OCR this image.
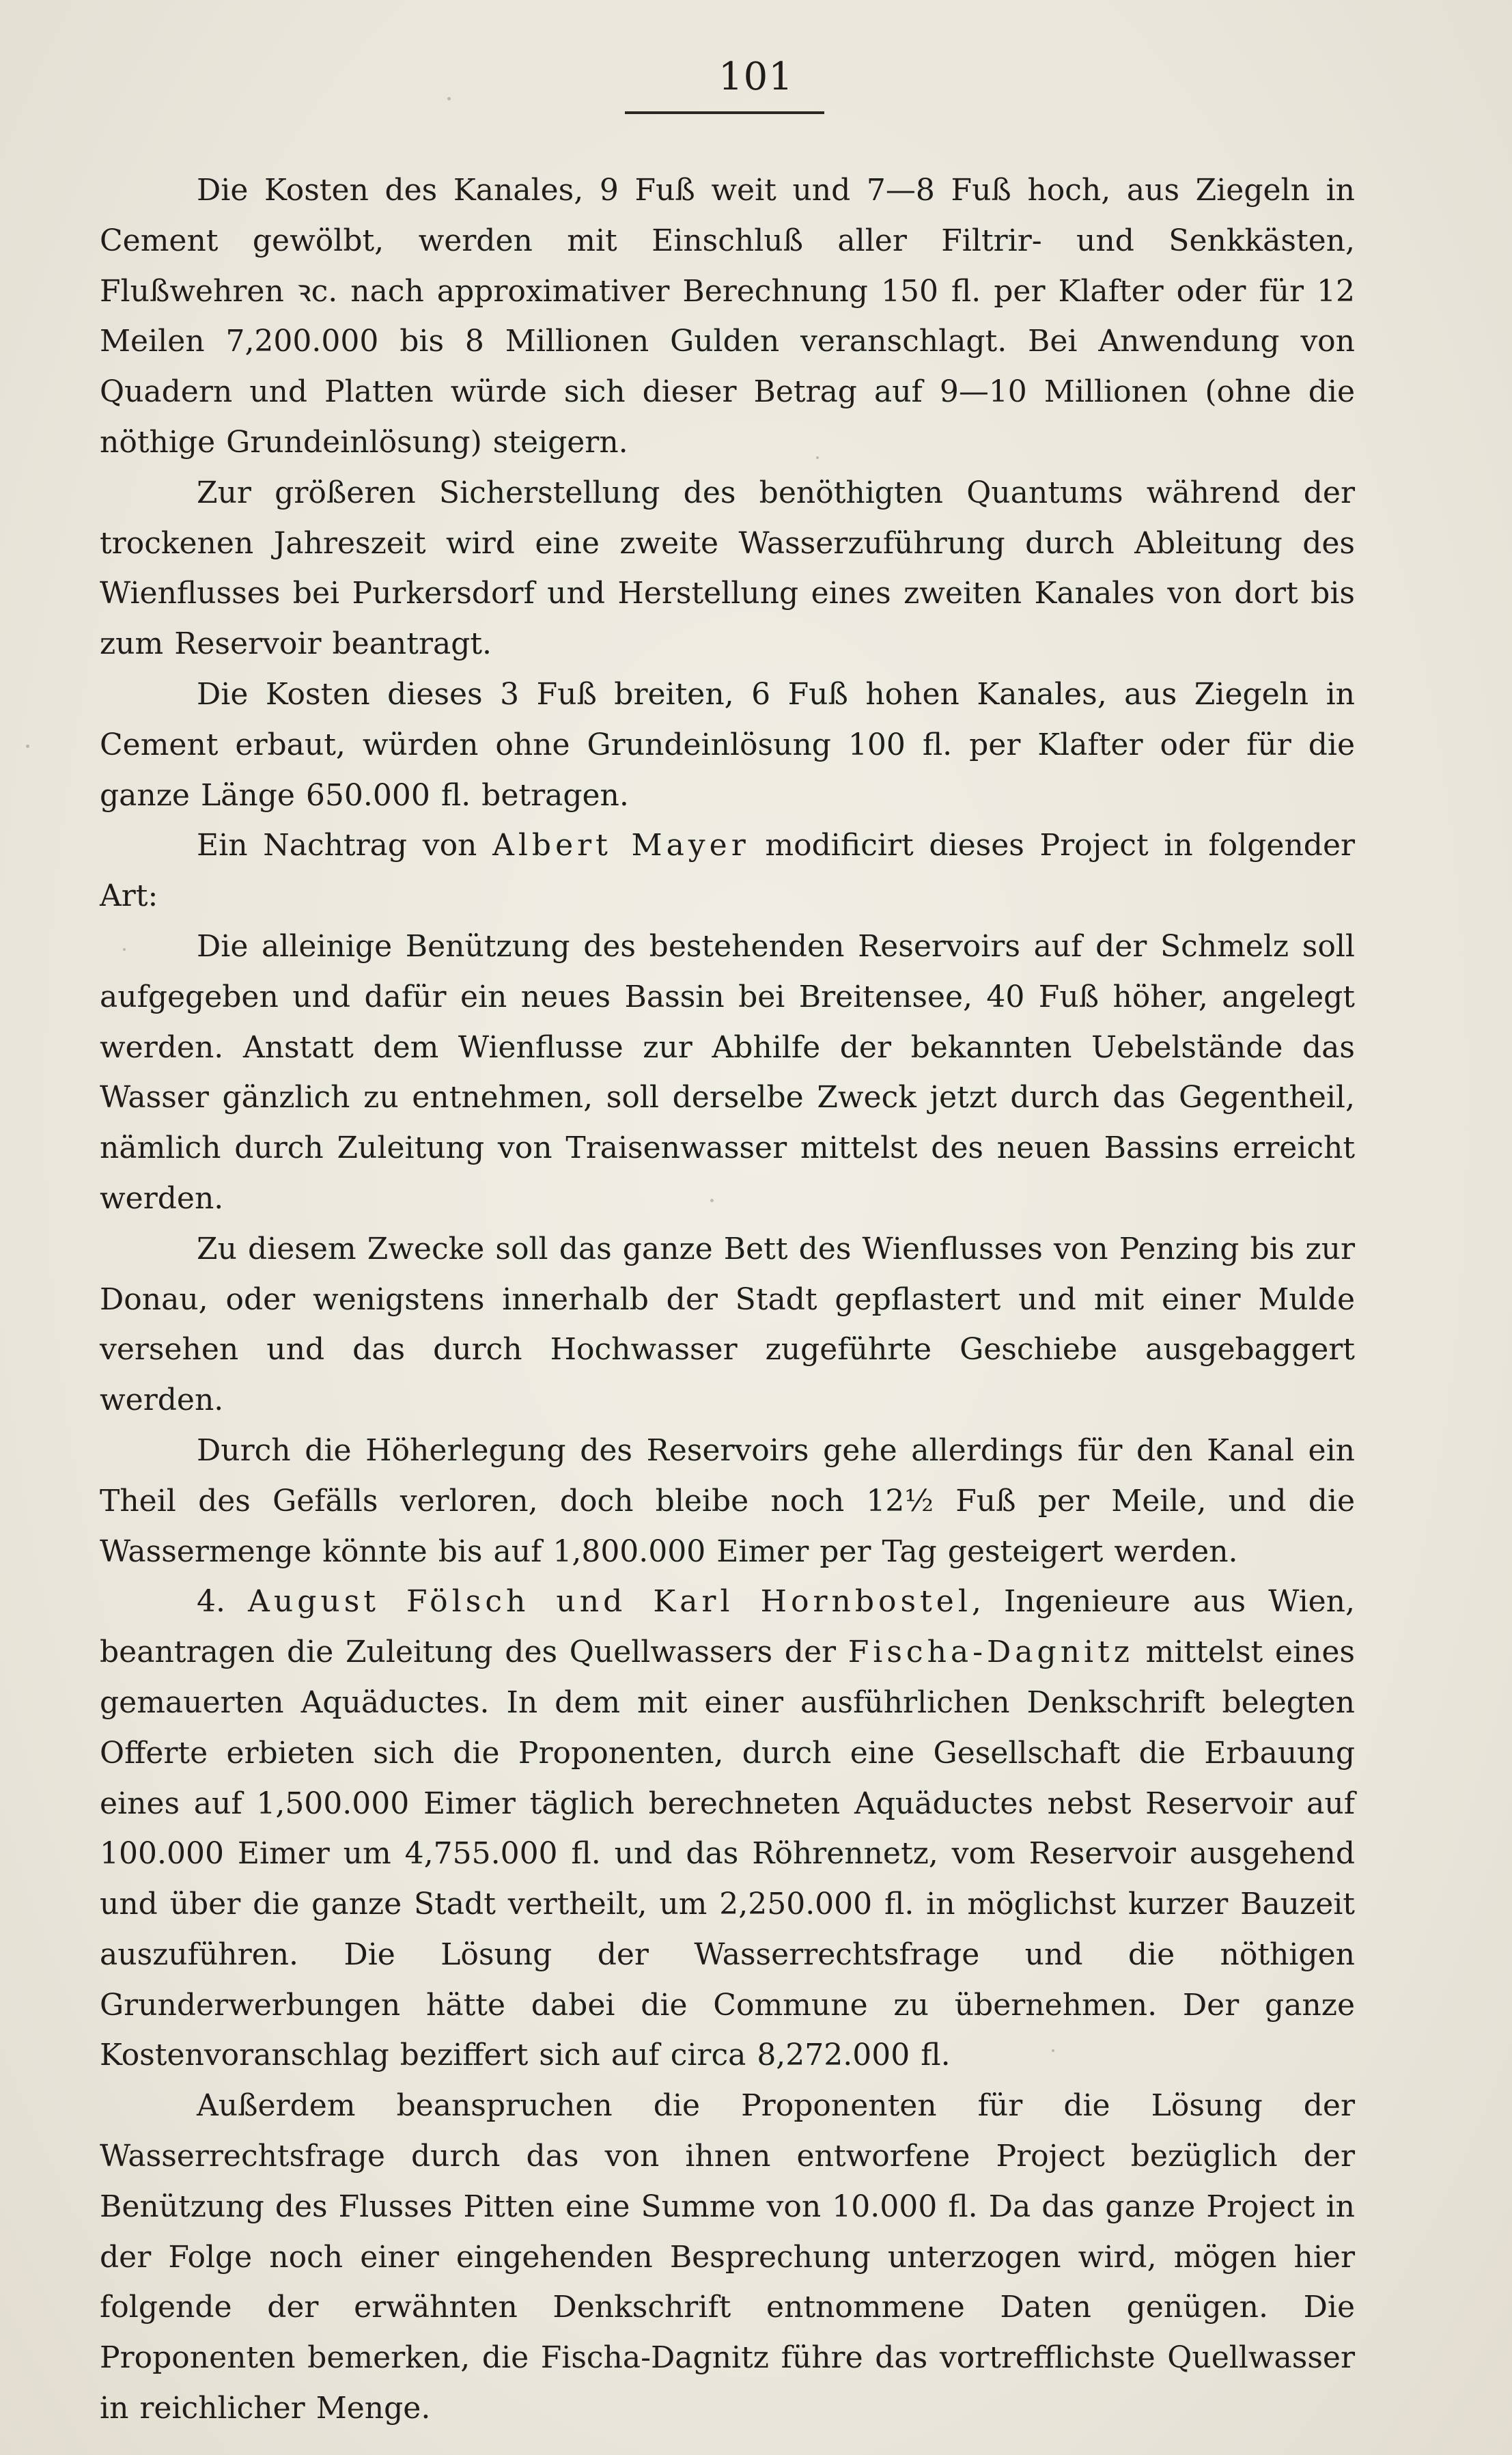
101

Die Kosten des Kanales, 9 Fuß weit und 7—8 Fuß hoch, aus Ziegeln in Cement gewölbt, werden mit Einschluß aller Filtrir- und Senkkästen, Flußwehren ꝛc. nach approximativer Berechnung 150 fl. per Klafter oder für 12 Meilen 7,200.000 bis 8 Millionen Gulden veranschlagt. Bei Anwendung von Quadern und Platten würde sich dieser Betrag auf 9—10 Millionen (ohne die nöthige Grundeinlösung) steigern.

Zur größeren Sicherstellung des benöthigten Quantums während der trockenen Jahreszeit wird eine zweite Wasserzuführung durch Ableitung des Wienflusses bei Purkersdorf und Herstellung eines zweiten Kanales von dort bis zum Reservoir beantragt.

Die Kosten dieses 3 Fuß breiten, 6 Fuß hohen Kanales, aus Ziegeln in Cement erbaut, würden ohne Grundeinlösung 100 fl. per Klafter oder für die ganze Länge 650.000 fl. betragen.

Ein Nachtrag von Albert Mayer modificirt dieses Project in folgender Art:

Die alleinige Benützung des bestehenden Reservoirs auf der Schmelz soll aufgegeben und dafür ein neues Bassin bei Breitensee, 40 Fuß höher, angelegt werden. Anstatt dem Wienflusse zur Abhilfe der bekannten Uebelstände das Wasser gänzlich zu entnehmen, soll derselbe Zweck jetzt durch das Gegentheil, nämlich durch Zuleitung von Traisenwasser mittelst des neuen Bassins erreicht werden.

Zu diesem Zwecke soll das ganze Bett des Wienflusses von Penzing bis zur Donau, oder wenigstens innerhalb der Stadt gepflastert und mit einer Mulde versehen und das durch Hochwasser zugeführte Geschiebe ausgebaggert werden.

Durch die Höherlegung des Reservoirs gehe allerdings für den Kanal ein Theil des Gefälls verloren, doch bleibe noch 12½ Fuß per Meile, und die Wassermenge könnte bis auf 1,800.000 Eimer per Tag gesteigert werden.

4. August Fölsch und Karl Hornbostel, Ingenieure aus Wien, beantragen die Zuleitung des Quellwassers der Fischa-Dagnitz mittelst eines gemauerten Aquäductes. In dem mit einer ausführlichen Denkschrift belegten Offerte erbieten sich die Proponenten, durch eine Gesellschaft die Erbauung eines auf 1,500.000 Eimer täglich berechneten Aquäductes nebst Reservoir auf 100.000 Eimer um 4,755.000 fl. und das Röhrennetz, vom Reservoir ausgehend und über die ganze Stadt vertheilt, um 2,250.000 fl. in möglichst kurzer Bauzeit auszuführen. Die Lösung der Wasserrechtsfrage und die nöthigen Grunderwerbungen hätte dabei die Commune zu übernehmen. Der ganze Kostenvoranschlag beziffert sich auf circa 8,272.000 fl.

Außerdem beanspruchen die Proponenten für die Lösung der Wasserrechtsfrage durch das von ihnen entworfene Project bezüglich der Benützung des Flusses Pitten eine Summe von 10.000 fl. Da das ganze Project in der Folge noch einer eingehenden Besprechung unterzogen wird, mögen hier folgende der erwähnten Denkschrift entnommene Daten genügen. Die Proponenten bemerken, die Fischa-Dagnitz führe das vortrefflichste Quellwasser in reichlicher Menge.
